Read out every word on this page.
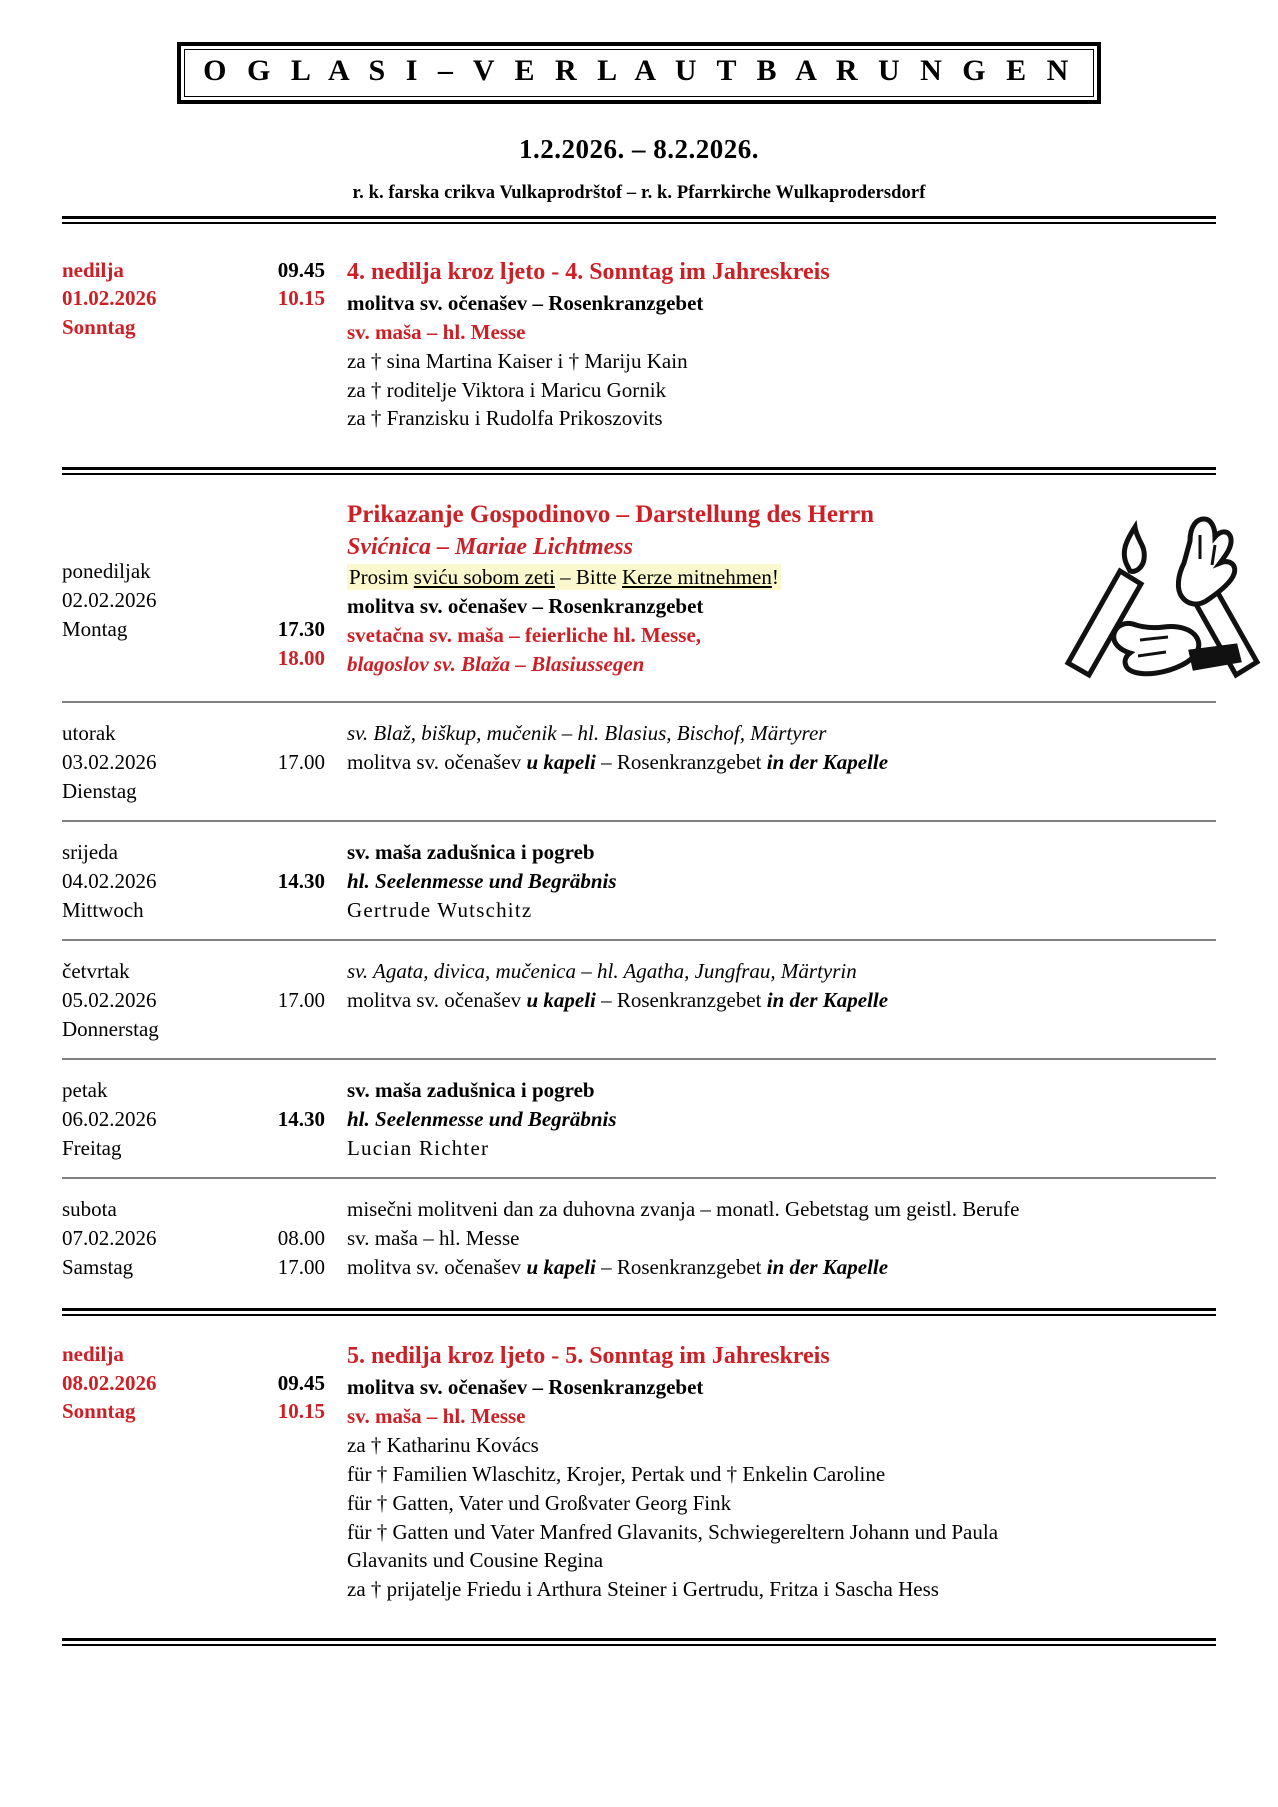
O G L A S I – V E R L A U T B A R U N G E N
1.2.2026. – 8.2.2026.
r. k. farska crikva Vulkaprodrštof – r. k. Pfarrkirche Wulkaprodersdorf
nedilja
01.02.2026
Sonntag
09.45
10.15
4. nedilja kroz ljeto - 4. Sonntag im Jahreskreis
molitva sv. očenašev – Rosenkranzgebet
sv. maša – hl. Messe
za † sina Martina Kaiser i † Mariju Kain
za † roditelje Viktora i Maricu Gornik
za † Franzisku i Rudolfa Prikoszovits
ponediljak
02.02.2026
Montag

	17.30
18.00
Prikazanje Gospodinovo – Darstellung des Herrn
Svićnica – Mariae Lichtmess
Prosim sviću sobom zeti – Bitte Kerze mitnehmen!
molitva sv. očenašev – Rosenkranzgebet
svetačna sv. maša – feierliche hl. Messe,
blagoslov sv. Blaža – Blasiussegen
utorak
03.02.2026
Dienstag

17.00

sv. Blaž, biškup, mučenik – hl. Blasius, Bischof, Märtyrer
molitva sv. očenašev u kapeli – Rosenkranzgebet in der Kapelle

srijeda
04.02.2026
Mittwoch

14.30

sv. maša zadušnica i pogreb
hl. Seelenmesse und Begräbnis
Gertrude Wutschitz
četvrtak
05.02.2026
Donnerstag

17.00

sv. Agata, divica, mučenica – hl. Agatha, Jungfrau, Märtyrin
molitva sv. očenašev u kapeli – Rosenkranzgebet in der Kapelle

petak
06.02.2026
Freitag

14.30

sv. maša zadušnica i pogreb
hl. Seelenmesse und Begräbnis
Lucian Richter
subota
07.02.2026
Samstag

08.00
17.00
misečni molitveni dan za duhovna zvanja – monatl. Gebetstag um geistl. Berufe
sv. maša – hl. Messe
molitva sv. očenašev u kapeli – Rosenkranzgebet in der Kapelle
nedilja
08.02.2026
Sonntag

09.45
10.15
5. nedilja kroz ljeto - 5. Sonntag im Jahreskreis
molitva sv. očenašev – Rosenkranzgebet
sv. maša – hl. Messe
za † Katharinu Kovács
für † Familien Wlaschitz, Krojer, Pertak und † Enkelin Caroline
für † Gatten, Vater und Großvater Georg Fink
für † Gatten und Vater Manfred Glavanits, Schwiegereltern Johann und Paula
Glavanits und Cousine Regina
za † prijatelje Friedu i Arthura Steiner i Gertrudu, Fritza i Sascha Hess
